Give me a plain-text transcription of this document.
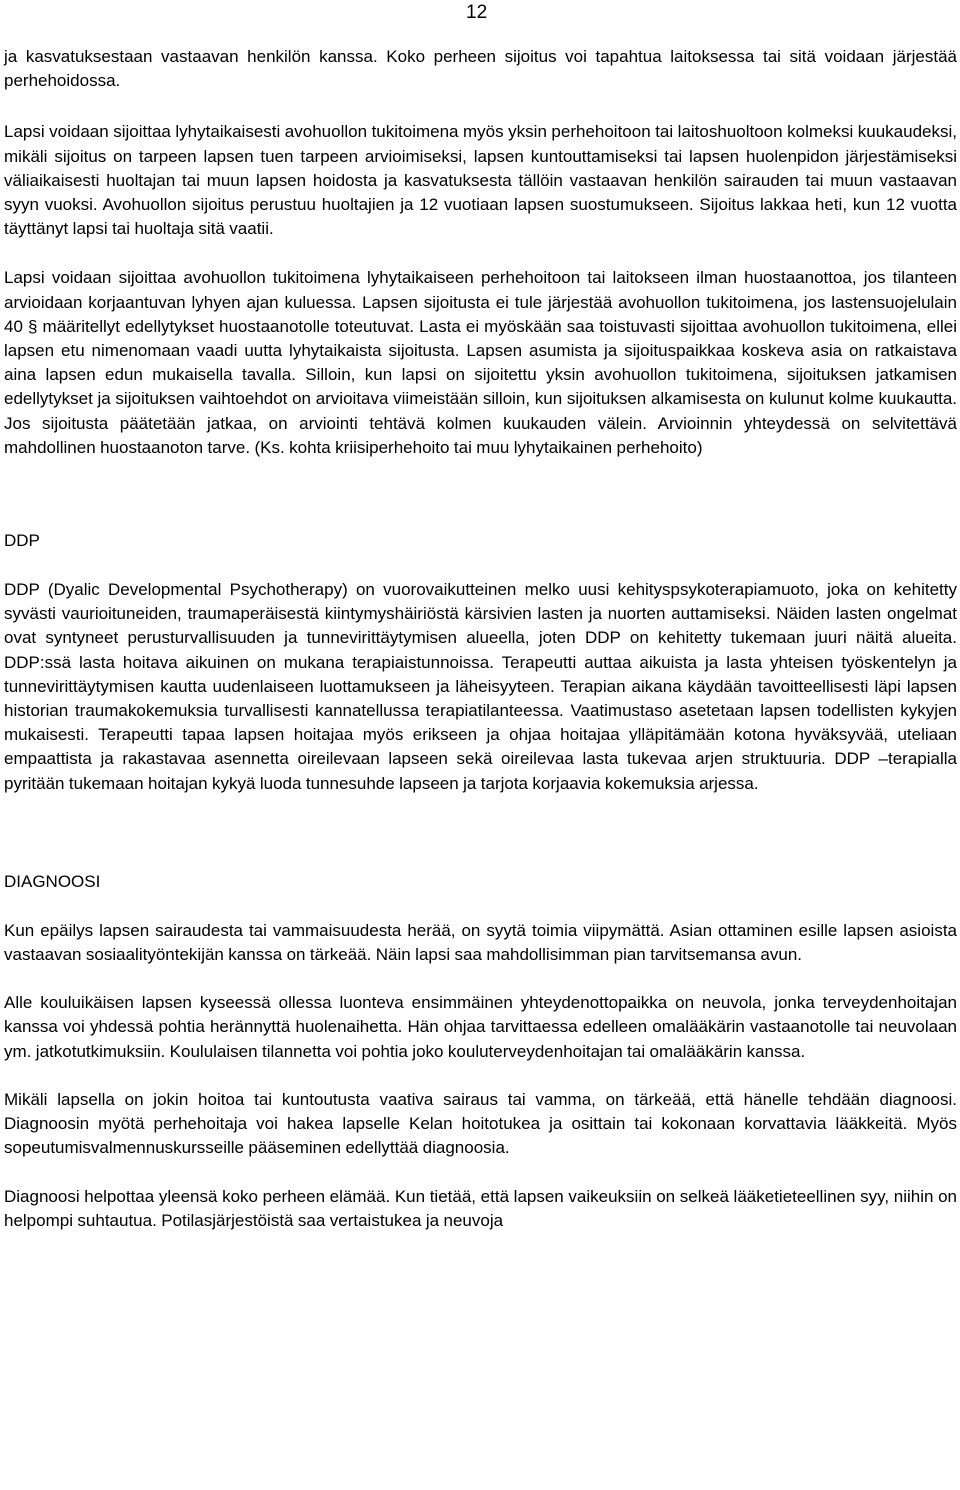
12

ja kasvatuksestaan vastaavan henkilön kanssa. Koko perheen sijoitus voi tapahtua laitoksessa tai sitä voidaan järjestää perhehoidossa.

Lapsi voidaan sijoittaa lyhytaikaisesti avohuollon tukitoimena myös yksin perhehoitoon tai laitoshuoltoon kolmeksi kuukaudeksi, mikäli sijoitus on tarpeen lapsen tuen tarpeen arvioimiseksi, lapsen kuntouttamiseksi tai lapsen huolenpidon järjestämiseksi väliaikaisesti huoltajan tai muun lapsen hoidosta ja kasvatuksesta tällöin vastaavan henkilön sairauden tai muun vastaavan syyn vuoksi. Avohuollon sijoitus perustuu huoltajien ja 12 vuotiaan lapsen suostumukseen. Sijoitus lakkaa heti, kun 12 vuotta täyttänyt lapsi tai huoltaja sitä vaatii.

Lapsi voidaan sijoittaa avohuollon tukitoimena lyhytaikaiseen perhehoitoon tai laitokseen ilman huostaanottoa, jos tilanteen arvioidaan korjaantuvan lyhyen ajan kuluessa. Lapsen sijoitusta ei tule järjestää avohuollon tukitoimena, jos lastensuojelulain 40 § määritellyt edellytykset huostaanotolle toteutuvat. Lasta ei myöskään saa toistuvasti sijoittaa avohuollon tukitoimena, ellei lapsen etu nimenomaan vaadi uutta lyhytaikaista sijoitusta. Lapsen asumista ja sijoituspaikkaa koskeva asia on ratkaistava aina lapsen edun mukaisella tavalla. Silloin, kun lapsi on sijoitettu yksin avohuollon tukitoimena, sijoituksen jatkamisen edellytykset ja sijoituksen vaihtoehdot on arvioitava viimeistään silloin, kun sijoituksen alkamisesta on kulunut kolme kuukautta. Jos sijoitusta päätetään jatkaa, on arviointi tehtävä kolmen kuukauden välein. Arvioinnin yhteydessä on selvitettävä mahdollinen huostaanoton tarve. (Ks. kohta kriisiperhehoito tai muu lyhytaikainen perhehoito)

DDP

DDP (Dyalic Developmental Psychotherapy) on vuorovaikutteinen melko uusi kehityspsykoterapiamuoto, joka on kehitetty syvästi vaurioituneiden, traumaperäisestä kiintymyshäiriöstä kärsivien lasten ja nuorten auttamiseksi. Näiden lasten ongelmat ovat syntyneet perusturvallisuuden ja tunnevirittäytymisen alueella, joten DDP on kehitetty tukemaan juuri näitä alueita. DDP:ssä lasta hoitava aikuinen on mukana terapiaistunnoissa. Terapeutti auttaa aikuista ja lasta yhteisen työskentelyn ja tunnevirittäytymisen kautta uudenlaiseen luottamukseen ja läheisyyteen. Terapian aikana käydään tavoitteellisesti läpi lapsen historian traumakokemuksia turvallisesti kannatellussa terapiatilanteessa. Vaatimustaso asetetaan lapsen todellisten kykyjen mukaisesti. Terapeutti tapaa lapsen hoitajaa myös erikseen ja ohjaa hoitajaa ylläpitämään kotona hyväksyvää, uteliaan empaattista ja rakastavaa asennetta oireilevaan lapseen sekä oireilevaa lasta tukevaa arjen struktuuria. DDP –terapialla pyritään tukemaan hoitajan kykyä luoda tunnesuhde lapseen ja tarjota korjaavia kokemuksia arjessa.

DIAGNOOSI

Kun epäilys lapsen sairaudesta tai vammaisuudesta herää, on syytä toimia viipymättä. Asian ottaminen esille lapsen asioista vastaavan sosiaalityöntekijän kanssa on tärkeää. Näin lapsi saa mahdollisimman pian tarvitsemansa avun.

Alle kouluikäisen lapsen kyseessä ollessa luonteva ensimmäinen yhteydenottopaikka on neuvola, jonka terveydenhoitajan kanssa voi yhdessä pohtia herännyttä huolenaihetta. Hän ohjaa tarvittaessa edelleen omalääkärin vastaanotolle tai neuvolaan ym. jatkotutkimuksiin. Koululaisen tilannetta voi pohtia joko kouluterveydenhoitajan tai omalääkärin kanssa.

Mikäli lapsella on jokin hoitoa tai kuntoutusta vaativa sairaus tai vamma, on tärkeää, että hänelle tehdään diagnoosi. Diagnoosin myötä perhehoitaja voi hakea lapselle Kelan hoitotukea ja osittain tai kokonaan korvattavia lääkkeitä. Myös sopeutumisvalmennuskursseille pääseminen edellyttää diagnoosia.

Diagnoosi helpottaa yleensä koko perheen elämää. Kun tietää, että lapsen vaikeuksiin on selkeä lääketieteellinen syy, niihin on helpompi suhtautua. Potilasjärjestöistä saa vertaistukea ja neuvoja
